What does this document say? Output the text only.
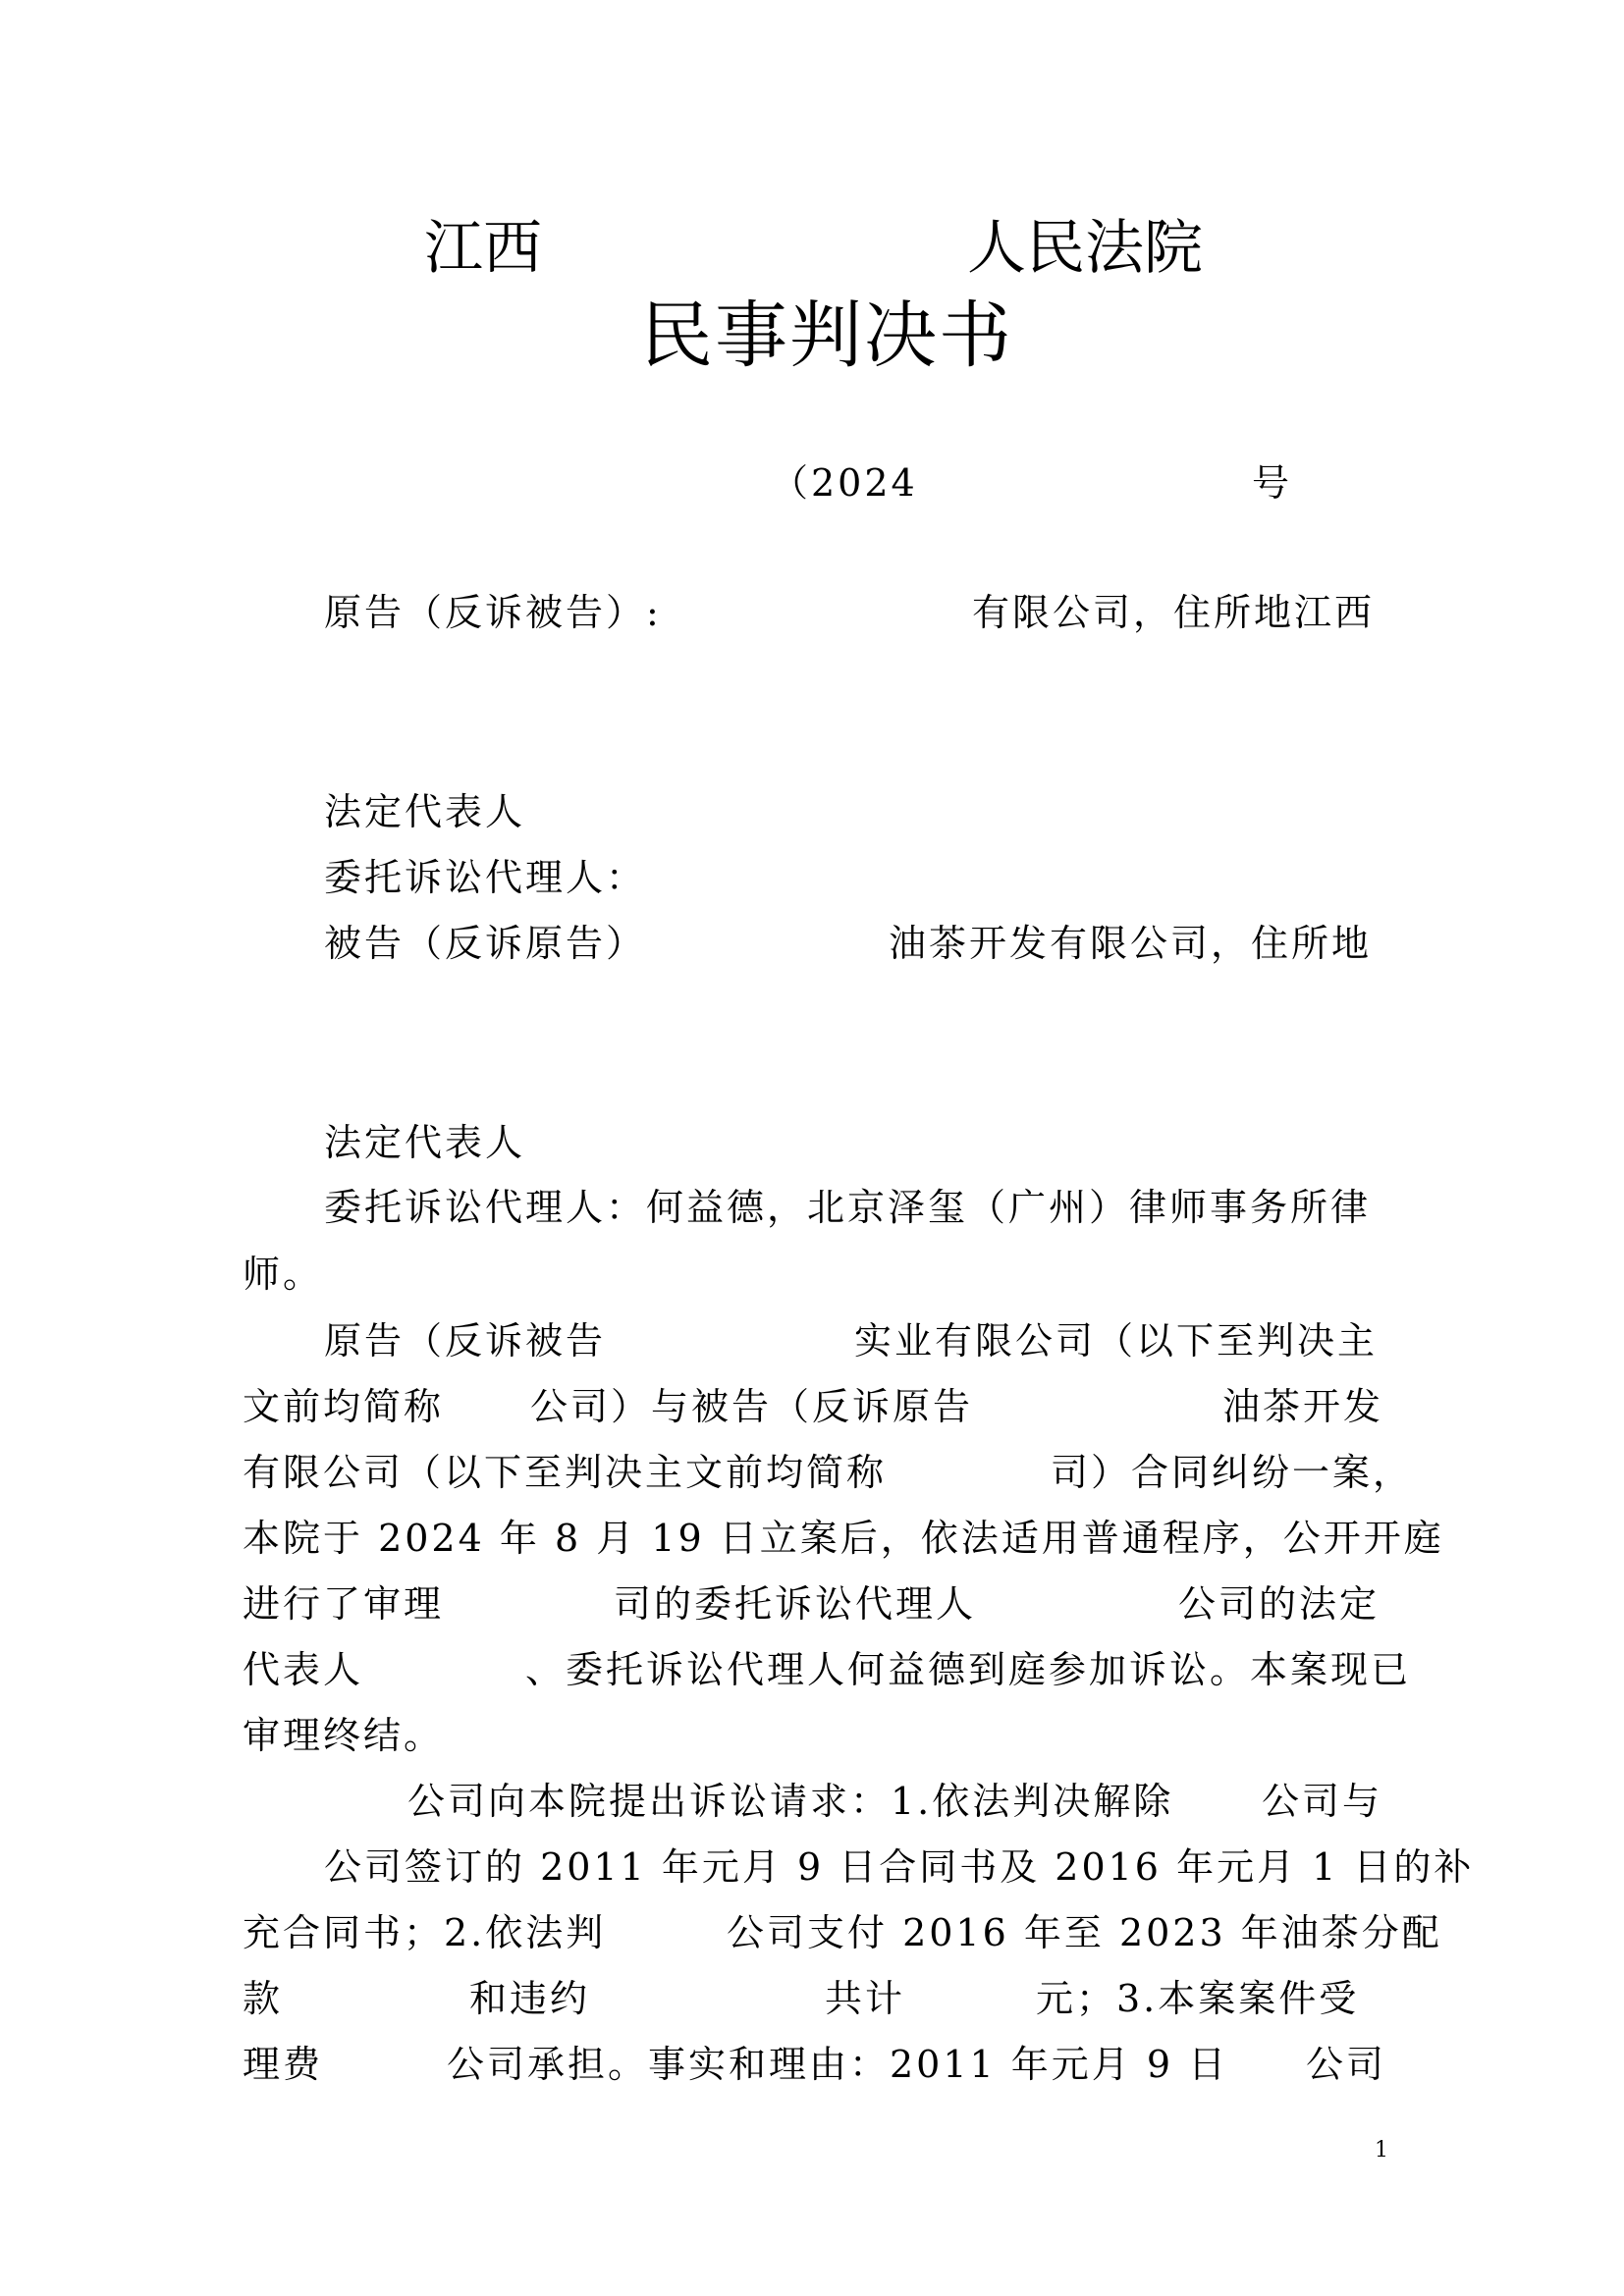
江西	人民法院
民事判决书
（2024	号
原告（反诉被告）:	有限公司，住所地江西
法定代表人
委托诉讼代理人：
被告（反诉原告）	油茶开发有限公司，住所地
法定代表人
委托诉讼代理人：何益德，北京泽玺（广州）律师事务所律
师。
原告（反诉被告	实业有限公司（以下至判决主
文前均简称 公司）与被告（反诉原告	油茶开发
有限公司（以下至判决主文前均简称	司）合同纠纷一案，
本院于 2024 年 8 月 19 日立案后，依法适用普通程序，公开开庭
进行了审理	司的委托诉讼代理人	公司的法定
代表人	、委托诉讼代理人何益德到庭参加诉讼。本案现已
审理终结。
公司向本院提出诉讼请求：1.依法判决解除 公司与
公司签订的 2011 年元月 9 日合同书及 2016 年元月 1 日的补
充合同书；2.依法判	公司支付 2016 年至 2023 年油茶分配
款	和违约	共计	元；3.本案案件受
理费	公司承担。事实和理由：2011 年元月 9 日 公司
1
